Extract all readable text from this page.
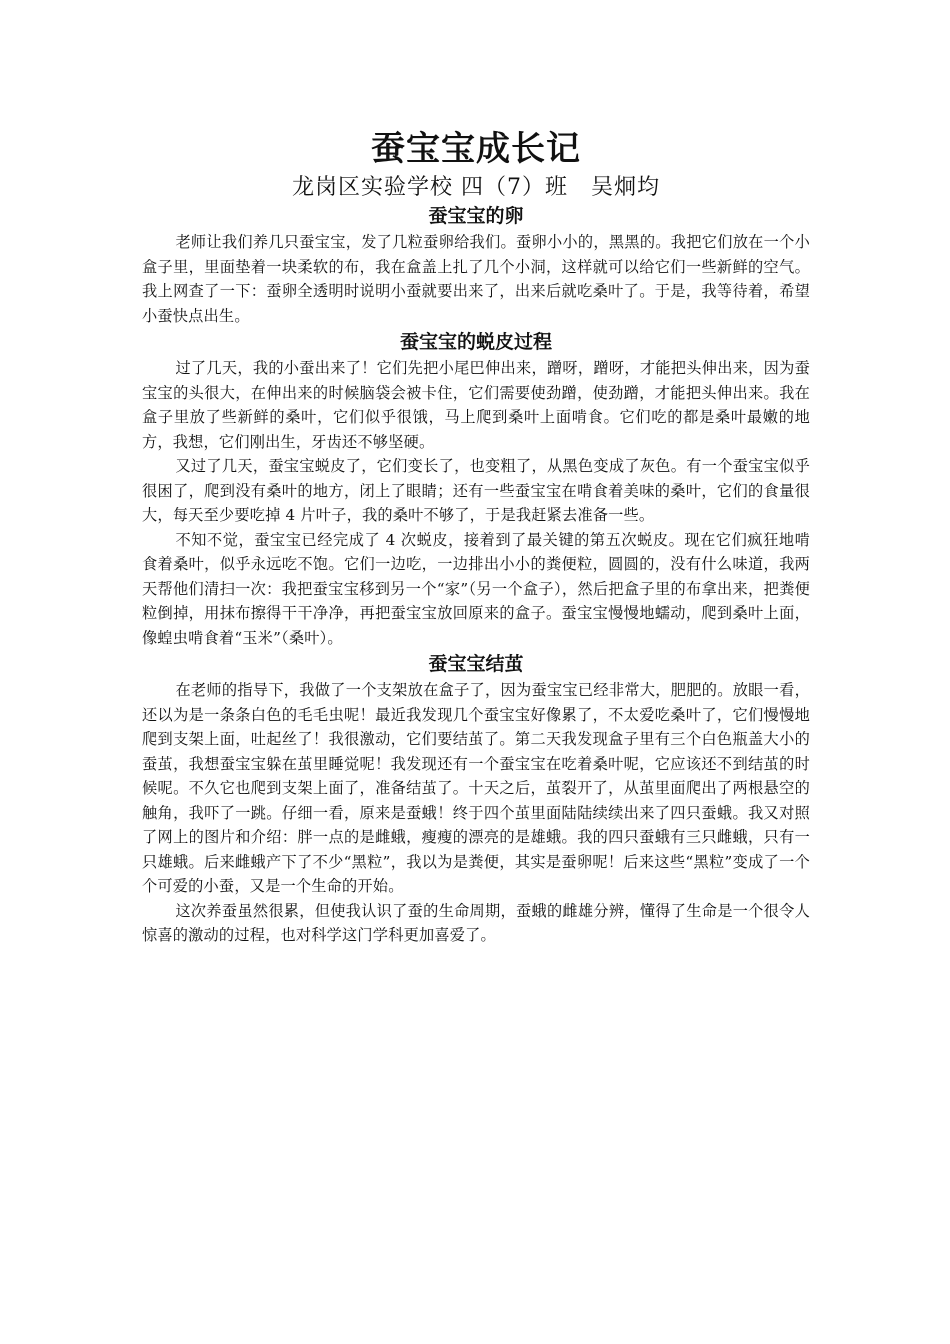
蚕宝宝成长记

龙岗区实验学校 四（7）班　吴炯均

蚕宝宝的卵

老师让我们养几只蚕宝宝，发了几粒蚕卵给我们。蚕卵小小的，黑黑的。我把它们放在一个小盒子里，里面垫着一块柔软的布，我在盒盖上扎了几个小洞，这样就可以给它们一些新鲜的空气。我上网查了一下：蚕卵全透明时说明小蚕就要出来了，出来后就吃桑叶了。于是，我等待着，希望小蚕快点出生。

蚕宝宝的蜕皮过程

过了几天，我的小蚕出来了！它们先把小尾巴伸出来，蹭呀，蹭呀，才能把头伸出来，因为蚕宝宝的头很大，在伸出来的时候脑袋会被卡住，它们需要使劲蹭，使劲蹭，才能把头伸出来。我在盒子里放了些新鲜的桑叶，它们似乎很饿，马上爬到桑叶上面啃食。它们吃的都是桑叶最嫩的地方，我想，它们刚出生，牙齿还不够坚硬。

又过了几天，蚕宝宝蜕皮了，它们变长了，也变粗了，从黑色变成了灰色。有一个蚕宝宝似乎很困了，爬到没有桑叶的地方，闭上了眼睛；还有一些蚕宝宝在啃食着美味的桑叶，它们的食量很大，每天至少要吃掉 4 片叶子，我的桑叶不够了，于是我赶紧去准备一些。

不知不觉，蚕宝宝已经完成了 4 次蜕皮，接着到了最关键的第五次蜕皮。现在它们疯狂地啃食着桑叶，似乎永远吃不饱。它们一边吃，一边排出小小的粪便粒，圆圆的，没有什么味道，我两天帮他们清扫一次：我把蚕宝宝移到另一个“家”（另一个盒子），然后把盒子里的布拿出来，把粪便粒倒掉，用抹布擦得干干净净，再把蚕宝宝放回原来的盒子。蚕宝宝慢慢地蠕动，爬到桑叶上面，像蝗虫啃食着“玉米”（桑叶）。

蚕宝宝结茧

在老师的指导下，我做了一个支架放在盒子了，因为蚕宝宝已经非常大，肥肥的。放眼一看，还以为是一条条白色的毛毛虫呢！最近我发现几个蚕宝宝好像累了，不太爱吃桑叶了，它们慢慢地爬到支架上面，吐起丝了！我很激动，它们要结茧了。第二天我发现盒子里有三个白色瓶盖大小的蚕茧，我想蚕宝宝躲在茧里睡觉呢！我发现还有一个蚕宝宝在吃着桑叶呢，它应该还不到结茧的时候呢。不久它也爬到支架上面了，准备结茧了。十天之后，茧裂开了，从茧里面爬出了两根悬空的触角，我吓了一跳。仔细一看，原来是蚕蛾！终于四个茧里面陆陆续续出来了四只蚕蛾。我又对照了网上的图片和介绍：胖一点的是雌蛾，瘦瘦的漂亮的是雄蛾。我的四只蚕蛾有三只雌蛾，只有一只雄蛾。后来雌蛾产下了不少“黑粒”，我以为是粪便，其实是蚕卵呢！后来这些“黑粒”变成了一个个可爱的小蚕，又是一个生命的开始。

这次养蚕虽然很累，但使我认识了蚕的生命周期，蚕蛾的雌雄分辨，懂得了生命是一个很令人惊喜的激动的过程，也对科学这门学科更加喜爱了。
